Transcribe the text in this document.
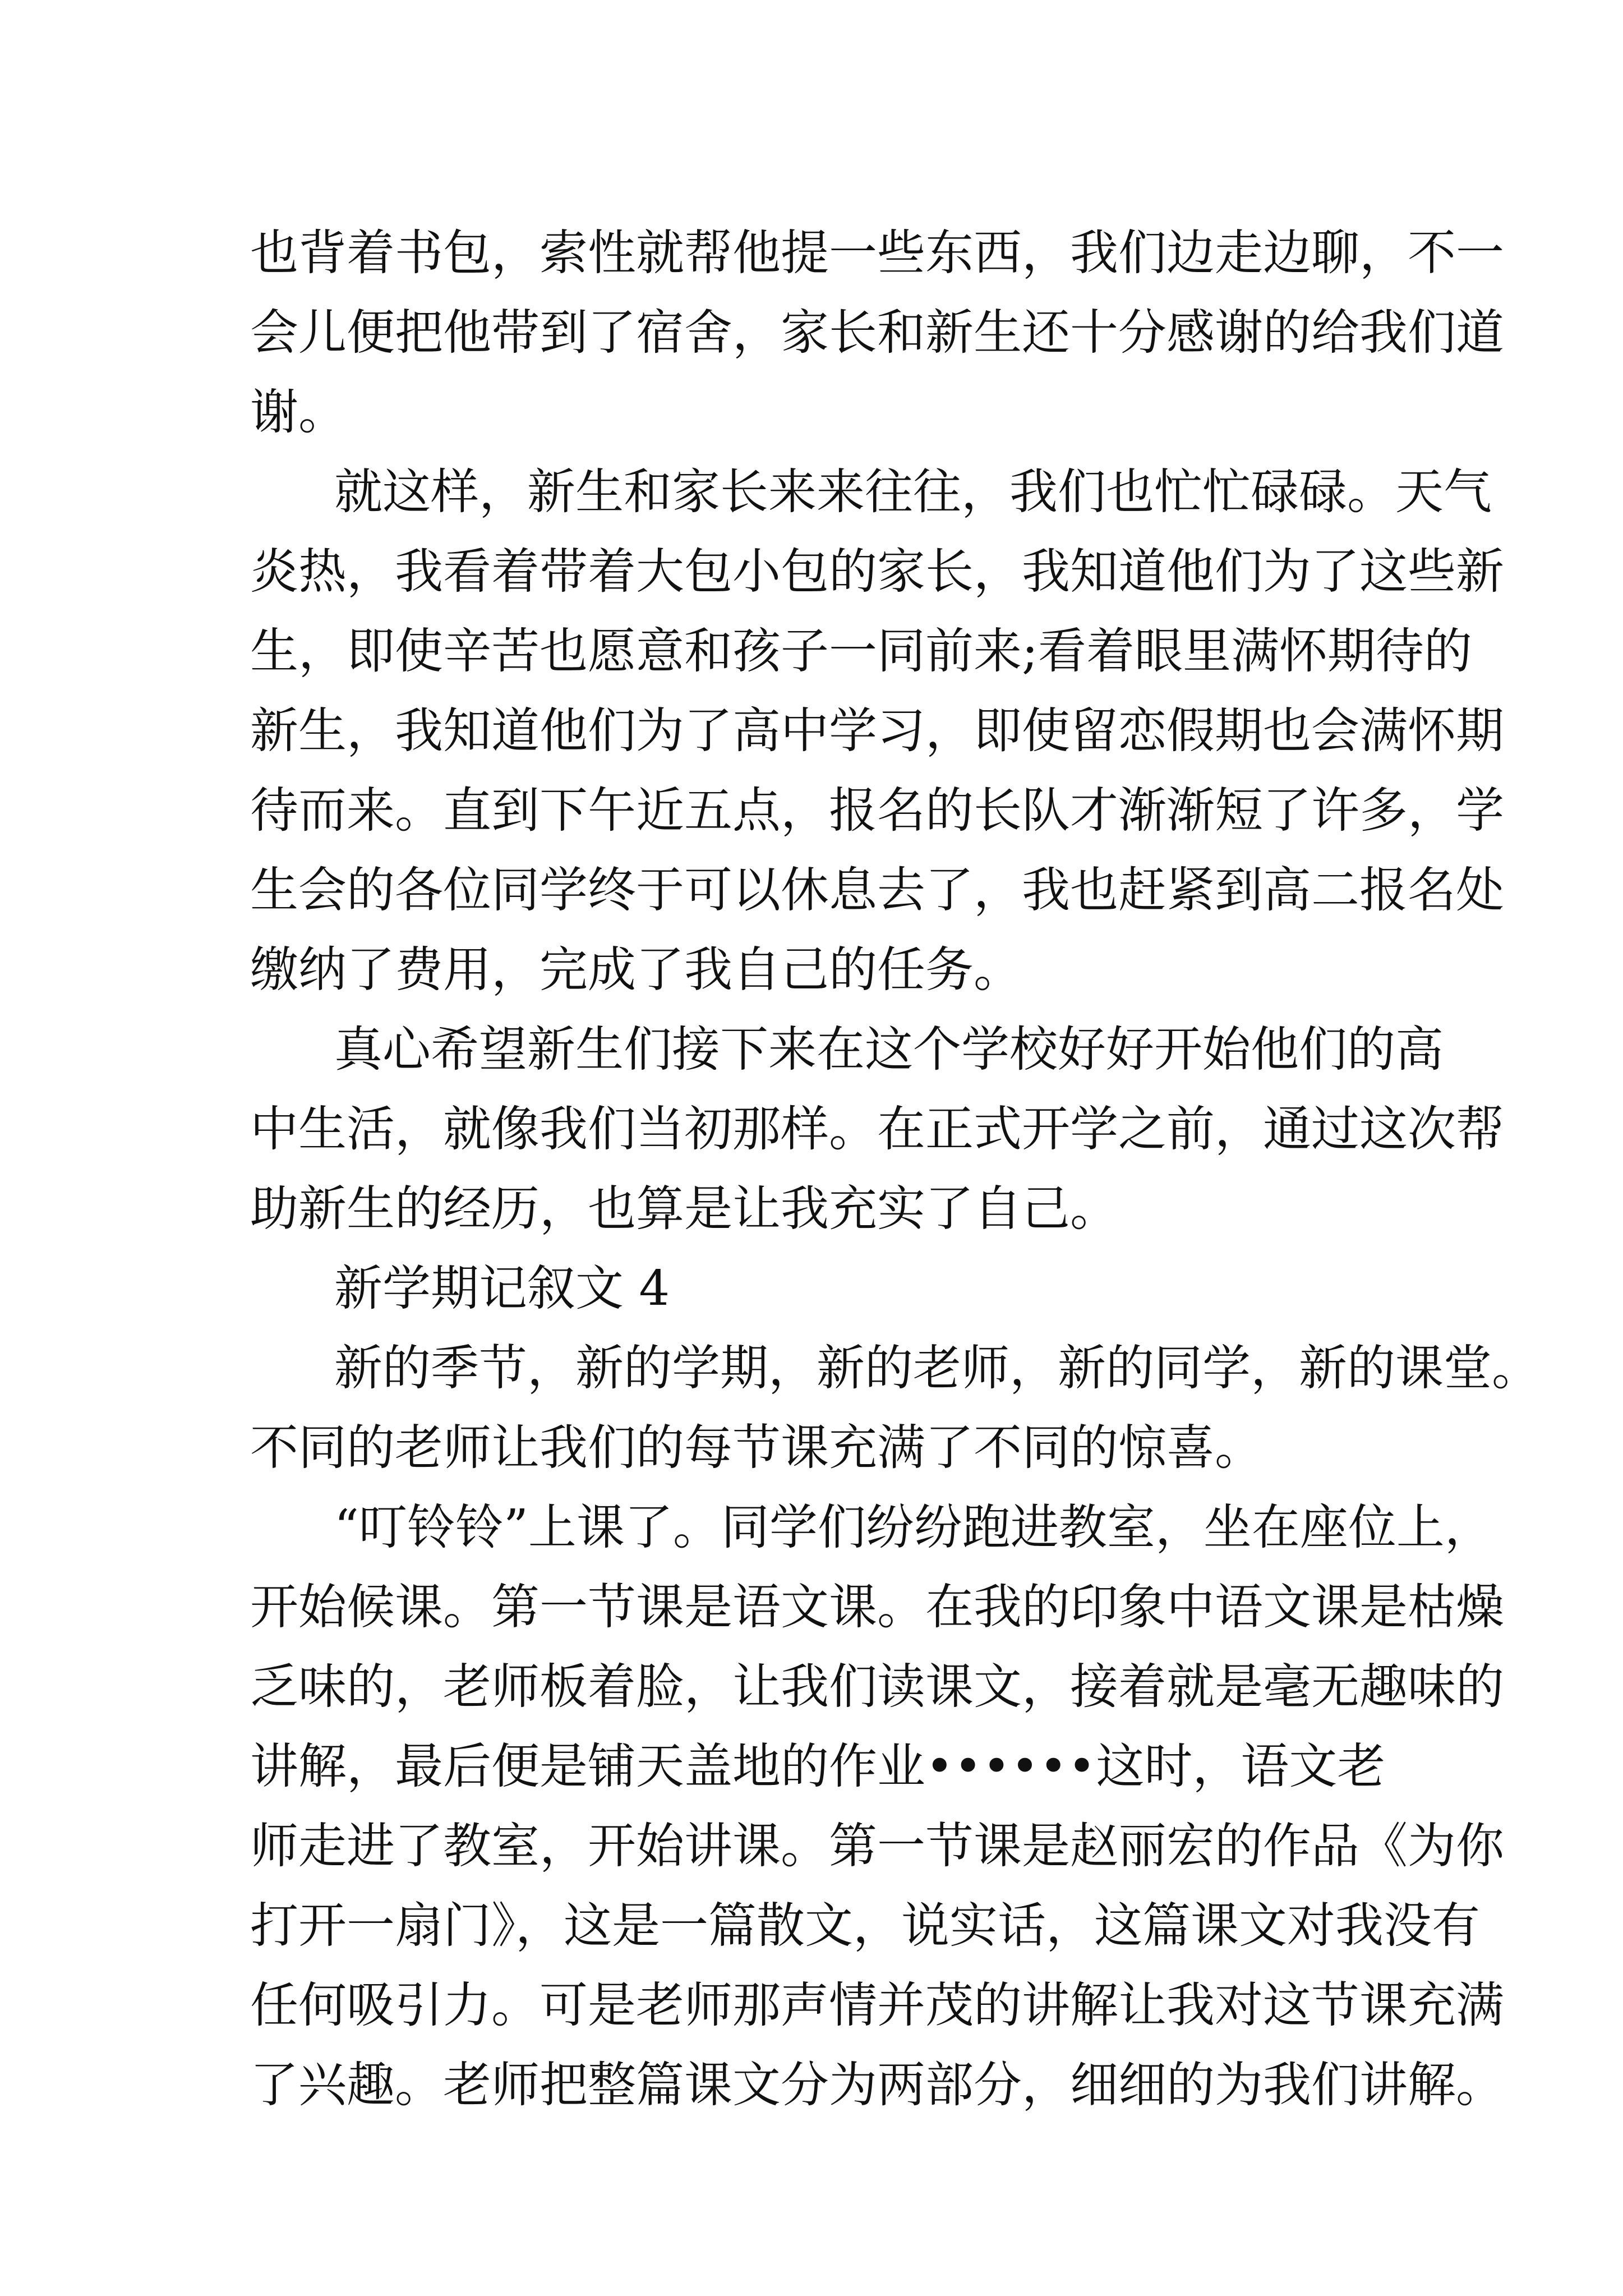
也背着书包，索性就帮他提一些东西，我们边走边聊，不一
会儿便把他带到了宿舍，家长和新生还十分感谢的给我们道
谢。
就这样，新生和家长来来往往，我们也忙忙碌碌。天气
炎热，我看着带着大包小包的家长，我知道他们为了这些新
生，即使辛苦也愿意和孩子一同前来;看着眼里满怀期待的
新生，我知道他们为了高中学习，即使留恋假期也会满怀期
待而来。直到下午近五点，报名的长队才渐渐短了许多，学
生会的各位同学终于可以休息去了，我也赶紧到高二报名处
缴纳了费用，完成了我自己的任务。
真心希望新生们接下来在这个学校好好开始他们的高
中生活，就像我们当初那样。在正式开学之前，通过这次帮
助新生的经历，也算是让我充实了自己。
新学期记叙文 4
新的季节，新的学期，新的老师，新的同学，新的课堂。
不同的老师让我们的每节课充满了不同的惊喜。
“叮铃铃”上课了。同学们纷纷跑进教室，坐在座位上，
开始候课。第一节课是语文课。在我的印象中语文课是枯燥
乏味的，老师板着脸，让我们读课文，接着就是毫无趣味的
讲解，最后便是铺天盖地的作业••••••这时，语文老
师走进了教室，开始讲课。第一节课是赵丽宏的作品《为你
打开一扇门》，这是一篇散文，说实话，这篇课文对我没有
任何吸引力。可是老师那声情并茂的讲解让我对这节课充满
了兴趣。老师把整篇课文分为两部分，细细的为我们讲解。
